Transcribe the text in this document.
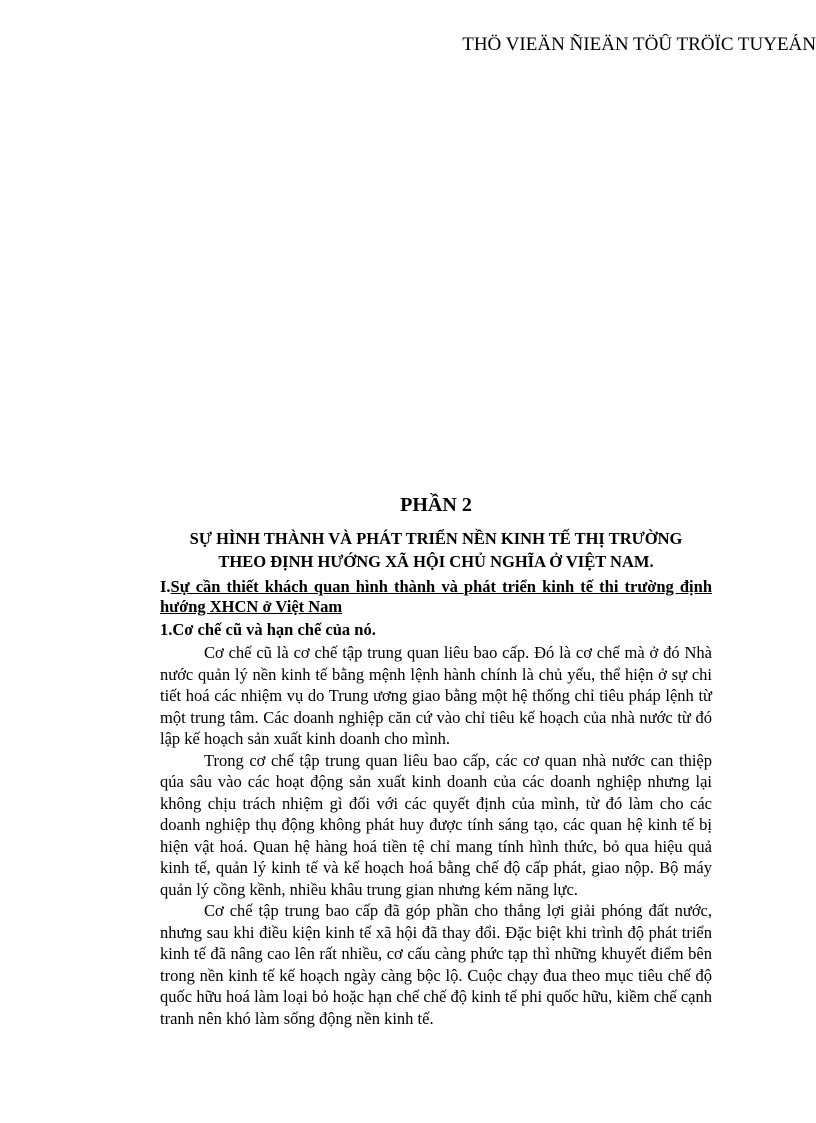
THÖ VIEÄN ÑIEÄN TÖÛ TRÖÏC TUYEÁN
PHẦN 2
SỰ HÌNH THÀNH VÀ PHÁT TRIỂN NỀN KINH TẾ THỊ TRƯỜNG
THEO ĐỊNH HƯỚNG XÃ HỘI CHỦ NGHĨA Ở VIỆT NAM.
I.Sự cần thiết khách quan hình thành và phát triển kinh tế thi trường định hướng XHCN ở Việt Nam
1.Cơ chế cũ và hạn chế của nó.

Cơ chế cũ là cơ chế tập trung quan liêu bao cấp. Đó là cơ chế mà ở đó Nhà nước quản lý nền kinh tế bằng mệnh lệnh hành chính là chủ yếu, thể hiện ở sự chi tiết hoá các nhiệm vụ do Trung ương giao bằng một hệ thống chỉ tiêu pháp lệnh từ một trung tâm. Các doanh nghiệp căn cứ vào chỉ tiêu kế hoạch của nhà nước từ đó lập kế hoạch sản xuất kinh doanh cho mình.

Trong cơ chế tập trung quan liêu bao cấp, các cơ quan nhà nước can thiệp qúa sâu vào các hoạt động sản xuất kinh doanh của các doanh nghiệp nhưng lại không chịu trách nhiệm gì đối với các quyết định của mình, từ đó làm cho các doanh nghiệp thụ động không phát huy được tính sáng tạo, các quan hệ kinh tế bị hiện vật hoá. Quan hệ hàng hoá tiền tệ chỉ mang tính hình thức, bỏ qua hiệu quả kinh tế, quản lý kinh tế và kế hoạch hoá bằng chế độ cấp phát, giao nộp. Bộ máy quản lý cồng kềnh, nhiều khâu trung gian nhưng kém năng lực.

Cơ chế tập trung bao cấp đã góp phần cho thắng lợi giải phóng đất nước, nhưng sau khi điều kiện kinh tế xã hội đã thay đổi. Đặc biệt khi trình độ phát triển kinh tế đã nâng cao lên rất nhiều, cơ cấu càng phức tạp thì những khuyết điểm bên trong nền kinh tế kế hoạch ngày càng bộc lộ. Cuộc chạy đua theo mục tiêu chế độ quốc hữu hoá làm loại bỏ hoặc hạn chế chế độ kinh tế phi quốc hữu, kiềm chế cạnh tranh nên khó làm sống động nền kinh tế.
